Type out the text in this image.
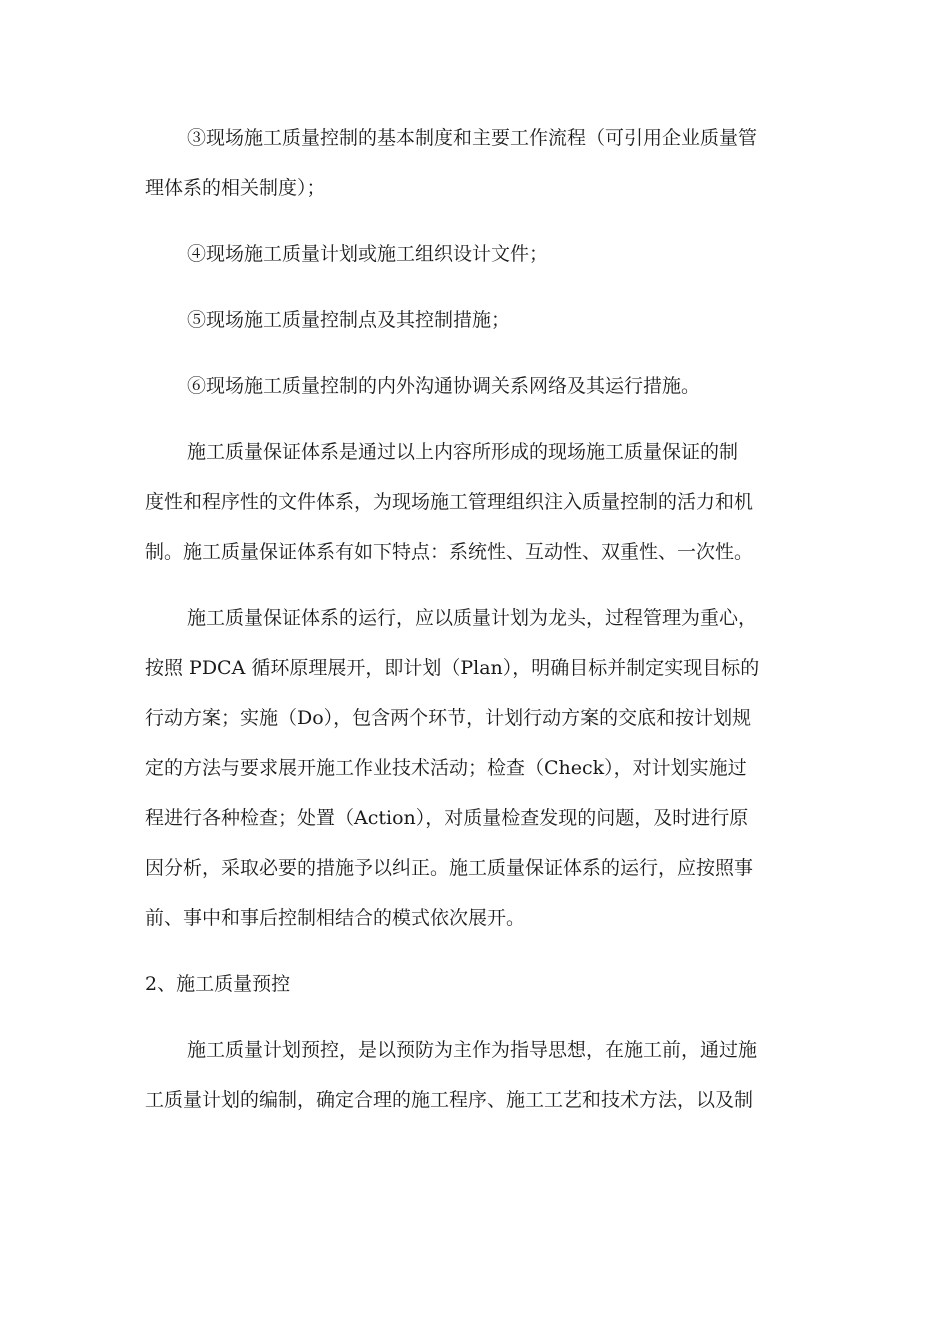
③现场施工质量控制的基本制度和主要工作流程（可引用企业质量管
理体系的相关制度）；
④现场施工质量计划或施工组织设计文件；
⑤现场施工质量控制点及其控制措施；
⑥现场施工质量控制的内外沟通协调关系网络及其运行措施。
施工质量保证体系是通过以上内容所形成的现场施工质量保证的制
度性和程序性的文件体系，为现场施工管理组织注入质量控制的活力和机
制。施工质量保证体系有如下特点：系统性、互动性、双重性、一次性。
施工质量保证体系的运行，应以质量计划为龙头，过程管理为重心，
按照 PDCA 循环原理展开，即计划（Plan），明确目标并制定实现目标的
行动方案；实施（Do），包含两个环节，计划行动方案的交底和按计划规
定的方法与要求展开施工作业技术活动；检查（Check），对计划实施过
程进行各种检查；处置（Action），对质量检查发现的问题，及时进行原
因分析，采取必要的措施予以纠正。施工质量保证体系的运行，应按照事
前、事中和事后控制相结合的模式依次展开。
2、施工质量预控
施工质量计划预控，是以预防为主作为指导思想，在施工前，通过施
工质量计划的编制，确定合理的施工程序、施工工艺和技术方法，以及制
